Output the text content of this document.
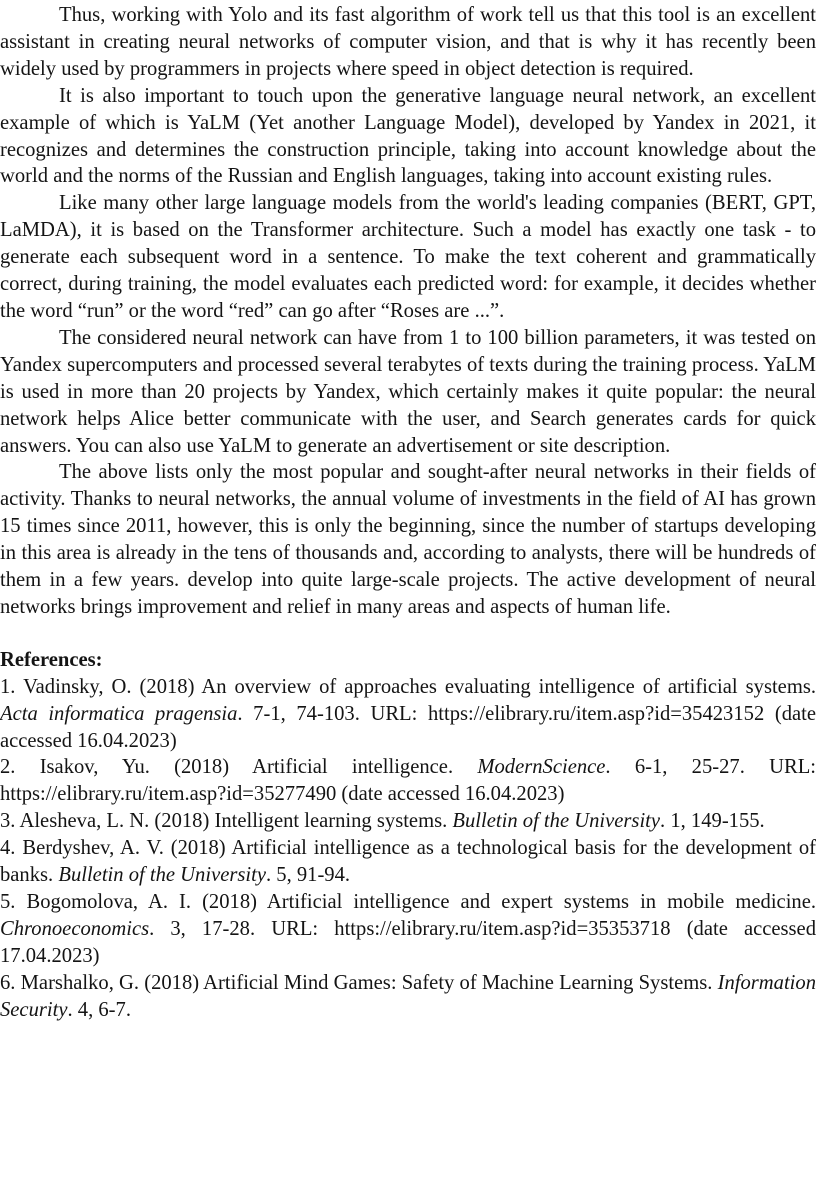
Thus, working with Yolo and its fast algorithm of work tell us that this tool is an excellent assistant in creating neural networks of computer vision, and that is why it has recently been widely used by programmers in projects where speed in object detection is required.

It is also important to touch upon the generative language neural network, an excellent example of which is YaLM (Yet another Language Model), developed by Yandex in 2021, it recognizes and determines the construction principle, taking into account knowledge about the world and the norms of the Russian and English languages, taking into account existing rules.

Like many other large language models from the world's leading companies (BERT, GPT, LaMDA), it is based on the Transformer architecture. Such a model has exactly one task - to generate each subsequent word in a sentence. To make the text coherent and grammatically correct, during training, the model evaluates each predicted word: for example, it decides whether the word “run” or the word “red” can go after “Roses are ...”.

The considered neural network can have from 1 to 100 billion parameters, it was tested on Yandex supercomputers and processed several terabytes of texts during the training process. YaLM is used in more than 20 projects by Yandex, which certainly makes it quite popular: the neural network helps Alice better communicate with the user, and Search generates cards for quick answers. You can also use YaLM to generate an advertisement or site description.

The above lists only the most popular and sought-after neural networks in their fields of activity. Thanks to neural networks, the annual volume of investments in the field of AI has grown 15 times since 2011, however, this is only the beginning, since the number of startups developing in this area is already in the tens of thousands and, according to analysts, there will be hundreds of them in a few years. develop into quite large-scale projects. The active development of neural networks brings improvement and relief in many areas and aspects of human life.

References:

1. Vadinsky, O. (2018) An overview of approaches evaluating intelligence of artificial systems. Acta informatica pragensia. 7-1, 74-103. URL: https://elibrary.ru/item.asp?id=35423152 (date accessed 16.04.2023)

2. Isakov, Yu. (2018) Artificial intelligence. ModernScience. 6-1, 25-27. URL: https://elibrary.ru/item.asp?id=35277490 (date accessed 16.04.2023)

3. Alesheva, L. N. (2018) Intelligent learning systems. Bulletin of the University. 1, 149-155.

4. Berdyshev, A. V. (2018) Artificial intelligence as a technological basis for the development of banks. Bulletin of the University. 5, 91-94.

5. Bogomolova, A. I. (2018) Artificial intelligence and expert systems in mobile medicine. Chronoeconomics. 3, 17-28. URL: https://elibrary.ru/item.asp?id=35353718 (date accessed 17.04.2023)

6. Marshalko, G. (2018) Artificial Mind Games: Safety of Machine Learning Systems. Information Security. 4, 6-7.
